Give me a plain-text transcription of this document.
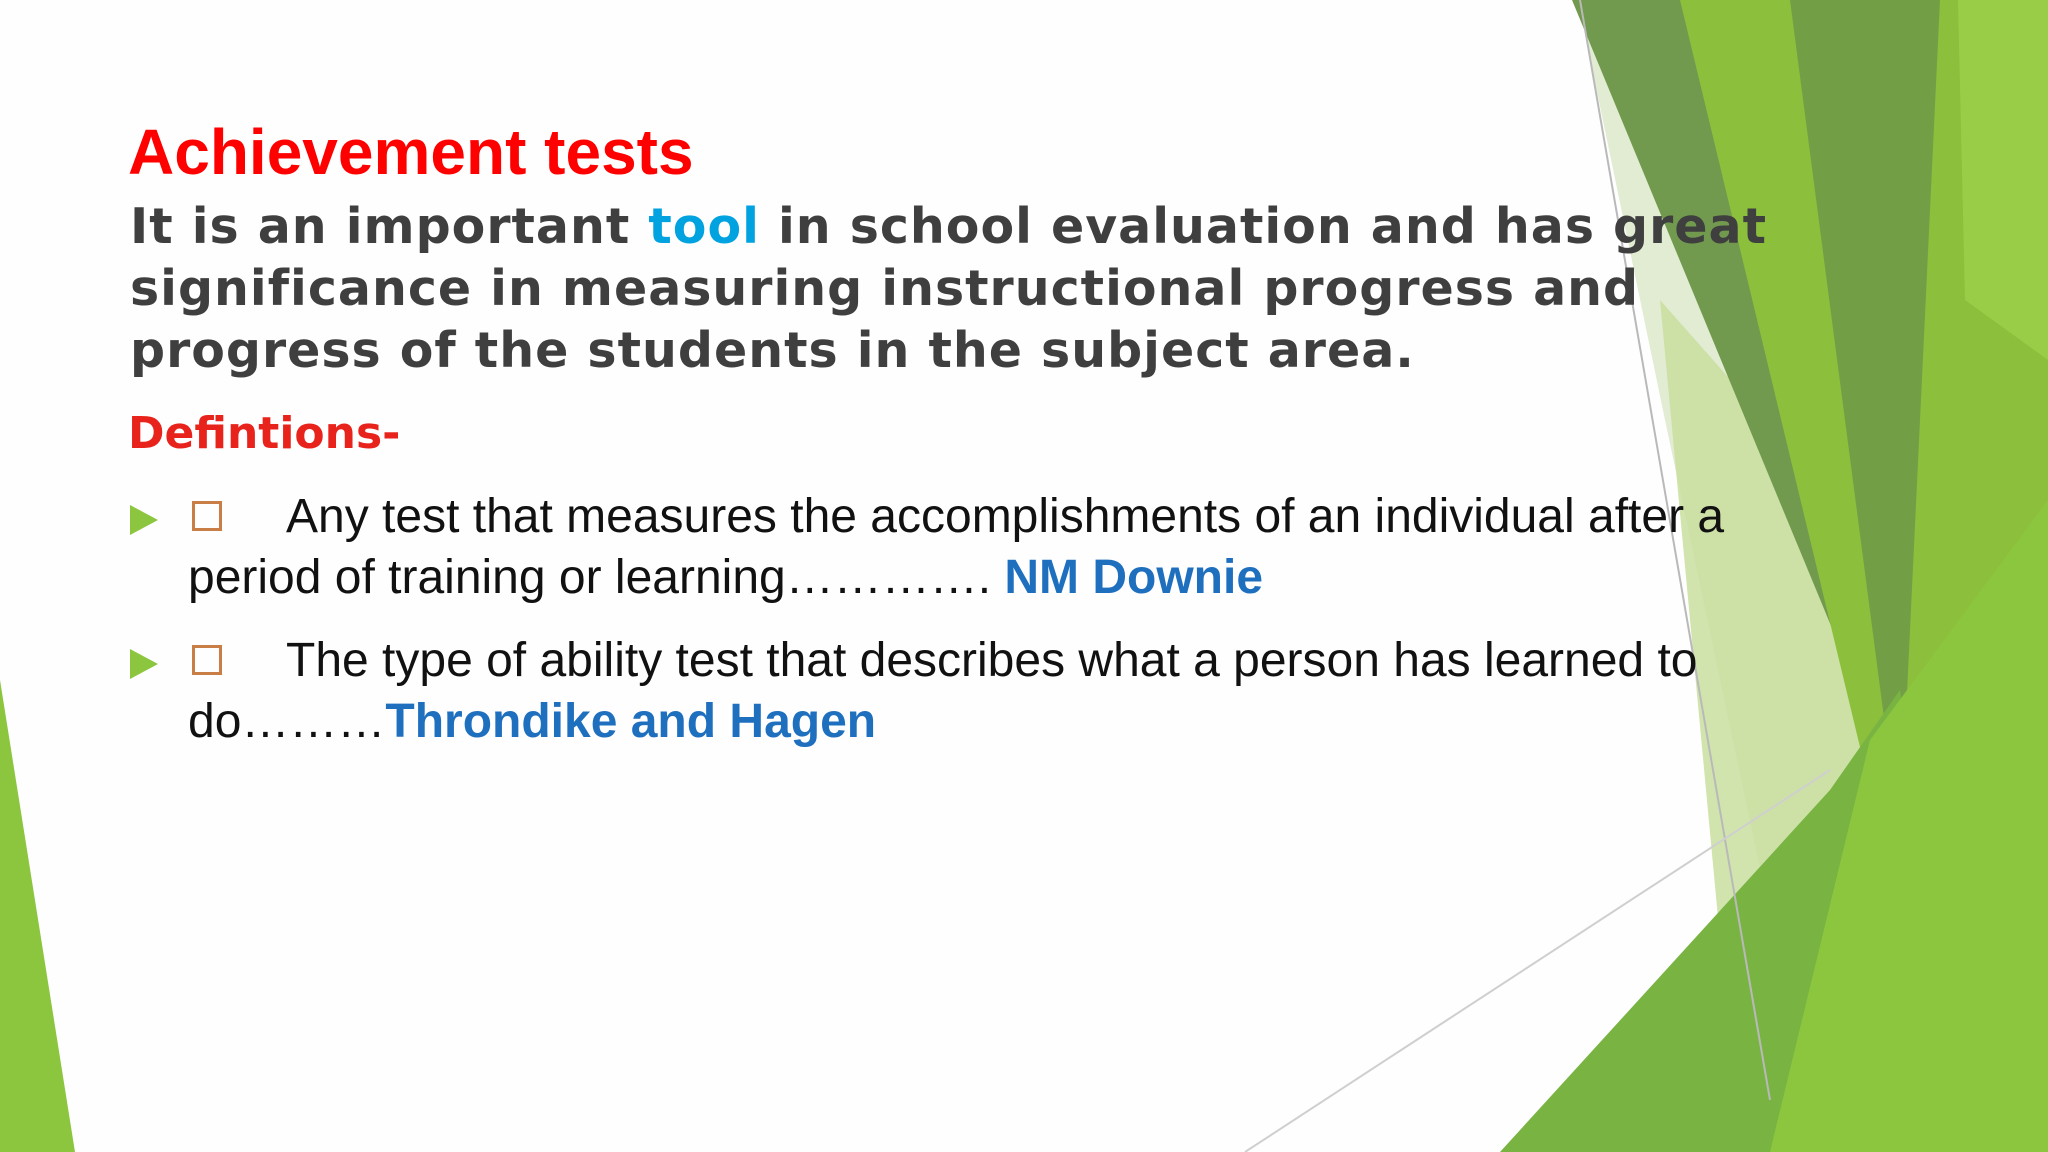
Achievement tests

It is an important tool in school evaluation and has great significance in measuring instructional progress and progress of the students in the subject area.

Defintions-
Any test that measures the accomplishments of an individual after a period of training or learning…………. NM Downie
The type of ability test that describes what a person has learned to do………Throndike and Hagen
